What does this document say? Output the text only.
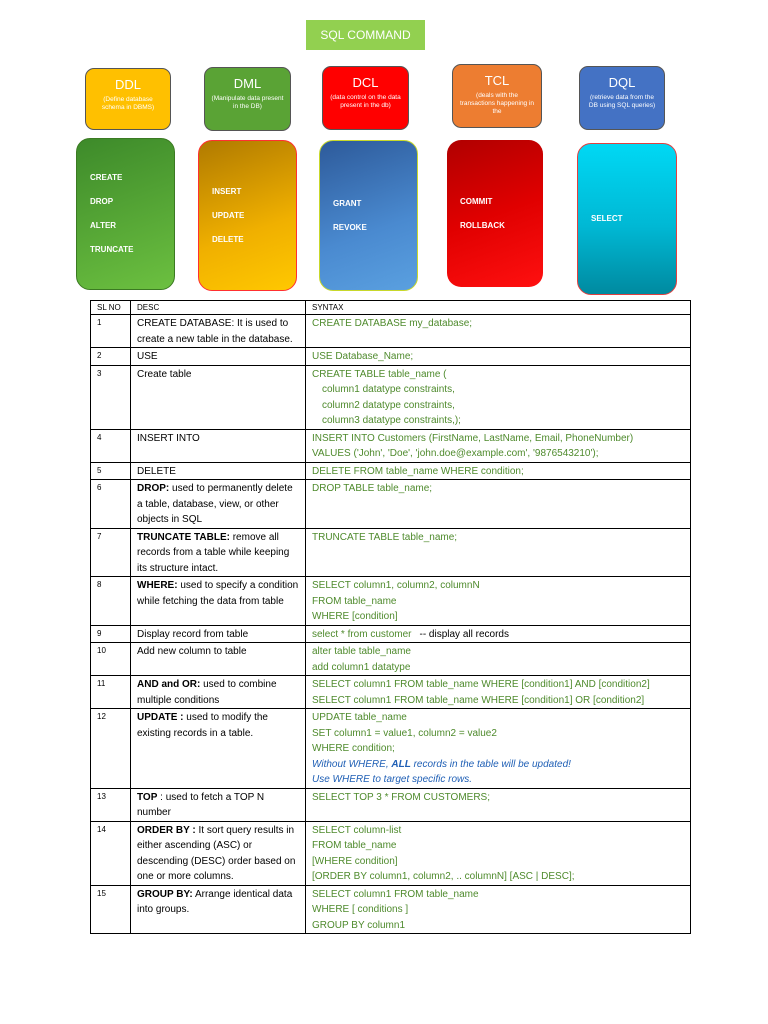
SQL COMMAND
DDL
(Define database schema in DBMS)
DML
(Manipulate data present in the DB)
DCL
(data control on the data present in the db)
TCL
(deals with the transactions happening in the
DQL
(retrieve data from the DB using SQL queries)
CREATE
DROP
ALTER
TRUNCATE
INSERT
UPDATE
DELETE
GRANT
REVOKE
COMMIT
ROLLBACK
SELECT
SL NO	DESC	SYNTAX
1	CREATE DATABASE: It is used to create a new table in the database.	CREATE DATABASE my_database;

2	USE	USE Database_Name;

3	Create table	CREATE TABLE table_name (
column1 datatype constraints,
column2 datatype constraints,
column3 datatype constraints,);

4	INSERT INTO	INSERT INTO Customers (FirstName, LastName, Email, PhoneNumber)
VALUES ('John', 'Doe', 'john.doe@example.com', '9876543210');

5	DELETE	DELETE FROM table_name WHERE condition;

6	DROP: used to permanently delete a table, database, view, or other objects in SQL	DROP TABLE table_name;

7	TRUNCATE TABLE: remove all records from a table while keeping its structure intact.	TRUNCATE TABLE table_name;

8	WHERE: used to specify a condition while fetching the data from table	SELECT column1, column2, columnN
FROM table_name
WHERE [condition]

9	Display record from table	select * from customer -- display all records

10	Add new column to table	alter table table_name
add column1 datatype

11	AND and OR: used to combine multiple conditions	SELECT column1 FROM table_name WHERE [condition1] AND [condition2]
SELECT column1 FROM table_name WHERE [condition1] OR [condition2]

12	UPDATE : used to modify the existing records in a table.	UPDATE table_name
SET column1 = value1, column2 = value2
WHERE condition;
Without WHERE, ALL records in the table will be updated!
Use WHERE to target specific rows.

13	TOP : used to fetch a TOP N number	SELECT TOP 3 * FROM CUSTOMERS;

14	ORDER BY : It sort query results in either ascending (ASC) or descending (DESC) order based on one or more columns.	SELECT column-list
FROM table_name
[WHERE condition]
[ORDER BY column1, column2, .. columnN] [ASC | DESC];

15	GROUP BY: Arrange identical data into groups.	SELECT column1 FROM table_name
WHERE [ conditions ]
GROUP BY column1
